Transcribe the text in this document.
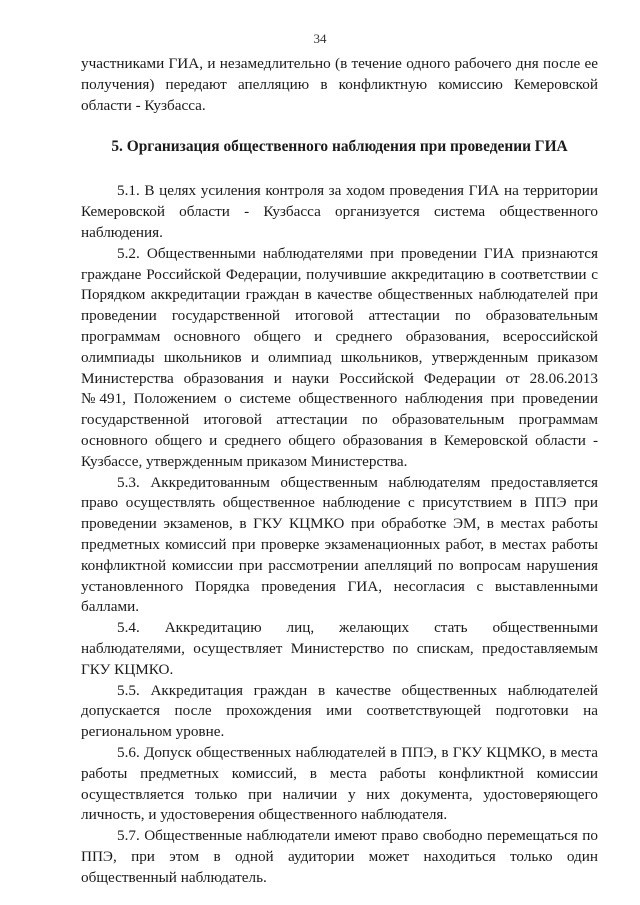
34

участниками ГИА, и незамедлительно (в течение одного рабочего дня после ее получения) передают апелляцию в конфликтную комиссию Кемеровской области - Кузбасса.

5. Организация общественного наблюдения при проведении ГИА

5.1. В целях усиления контроля за ходом проведения ГИА на территории Кемеровской области - Кузбасса организуется система общественного наблюдения.

5.2. Общественными наблюдателями при проведении ГИА признаются граждане Российской Федерации, получившие аккредитацию в соответствии с Порядком аккредитации граждан в качестве общественных наблюдателей при проведении государственной итоговой аттестации по образовательным программам основного общего и среднего образования, всероссийской олимпиады школьников и олимпиад школьников, утвержденным приказом Министерства образования и науки Российской Федерации от 28.06.2013 №491, Положением о системе общественного наблюдения при проведении государственной итоговой аттестации по образовательным программам основного общего и среднего общего образования в Кемеровской области - Кузбассе, утвержденным приказом Министерства.

5.3. Аккредитованным общественным наблюдателям предоставляется право осуществлять общественное наблюдение с присутствием в ППЭ при проведении экзаменов, в ГКУ КЦМКО при обработке ЭМ, в местах работы предметных комиссий при проверке экзаменационных работ, в местах работы конфликтной комиссии при рассмотрении апелляций по вопросам нарушения установленного Порядка проведения ГИА, несогласия с выставленными баллами.

5.4. Аккредитацию лиц, желающих стать общественными наблюдателями, осуществляет Министерство по спискам, предоставляемым ГКУ КЦМКО.

5.5. Аккредитация граждан в качестве общественных наблюдателей допускается после прохождения ими соответствующей подготовки на региональном уровне.

5.6. Допуск общественных наблюдателей в ППЭ, в ГКУ КЦМКО, в места работы предметных комиссий, в места работы конфликтной комиссии осуществляется только при наличии у них документа, удостоверяющего личность, и удостоверения общественного наблюдателя.

5.7. Общественные наблюдатели имеют право свободно перемещаться по ППЭ, при этом в одной аудитории может находиться только один общественный наблюдатель.
